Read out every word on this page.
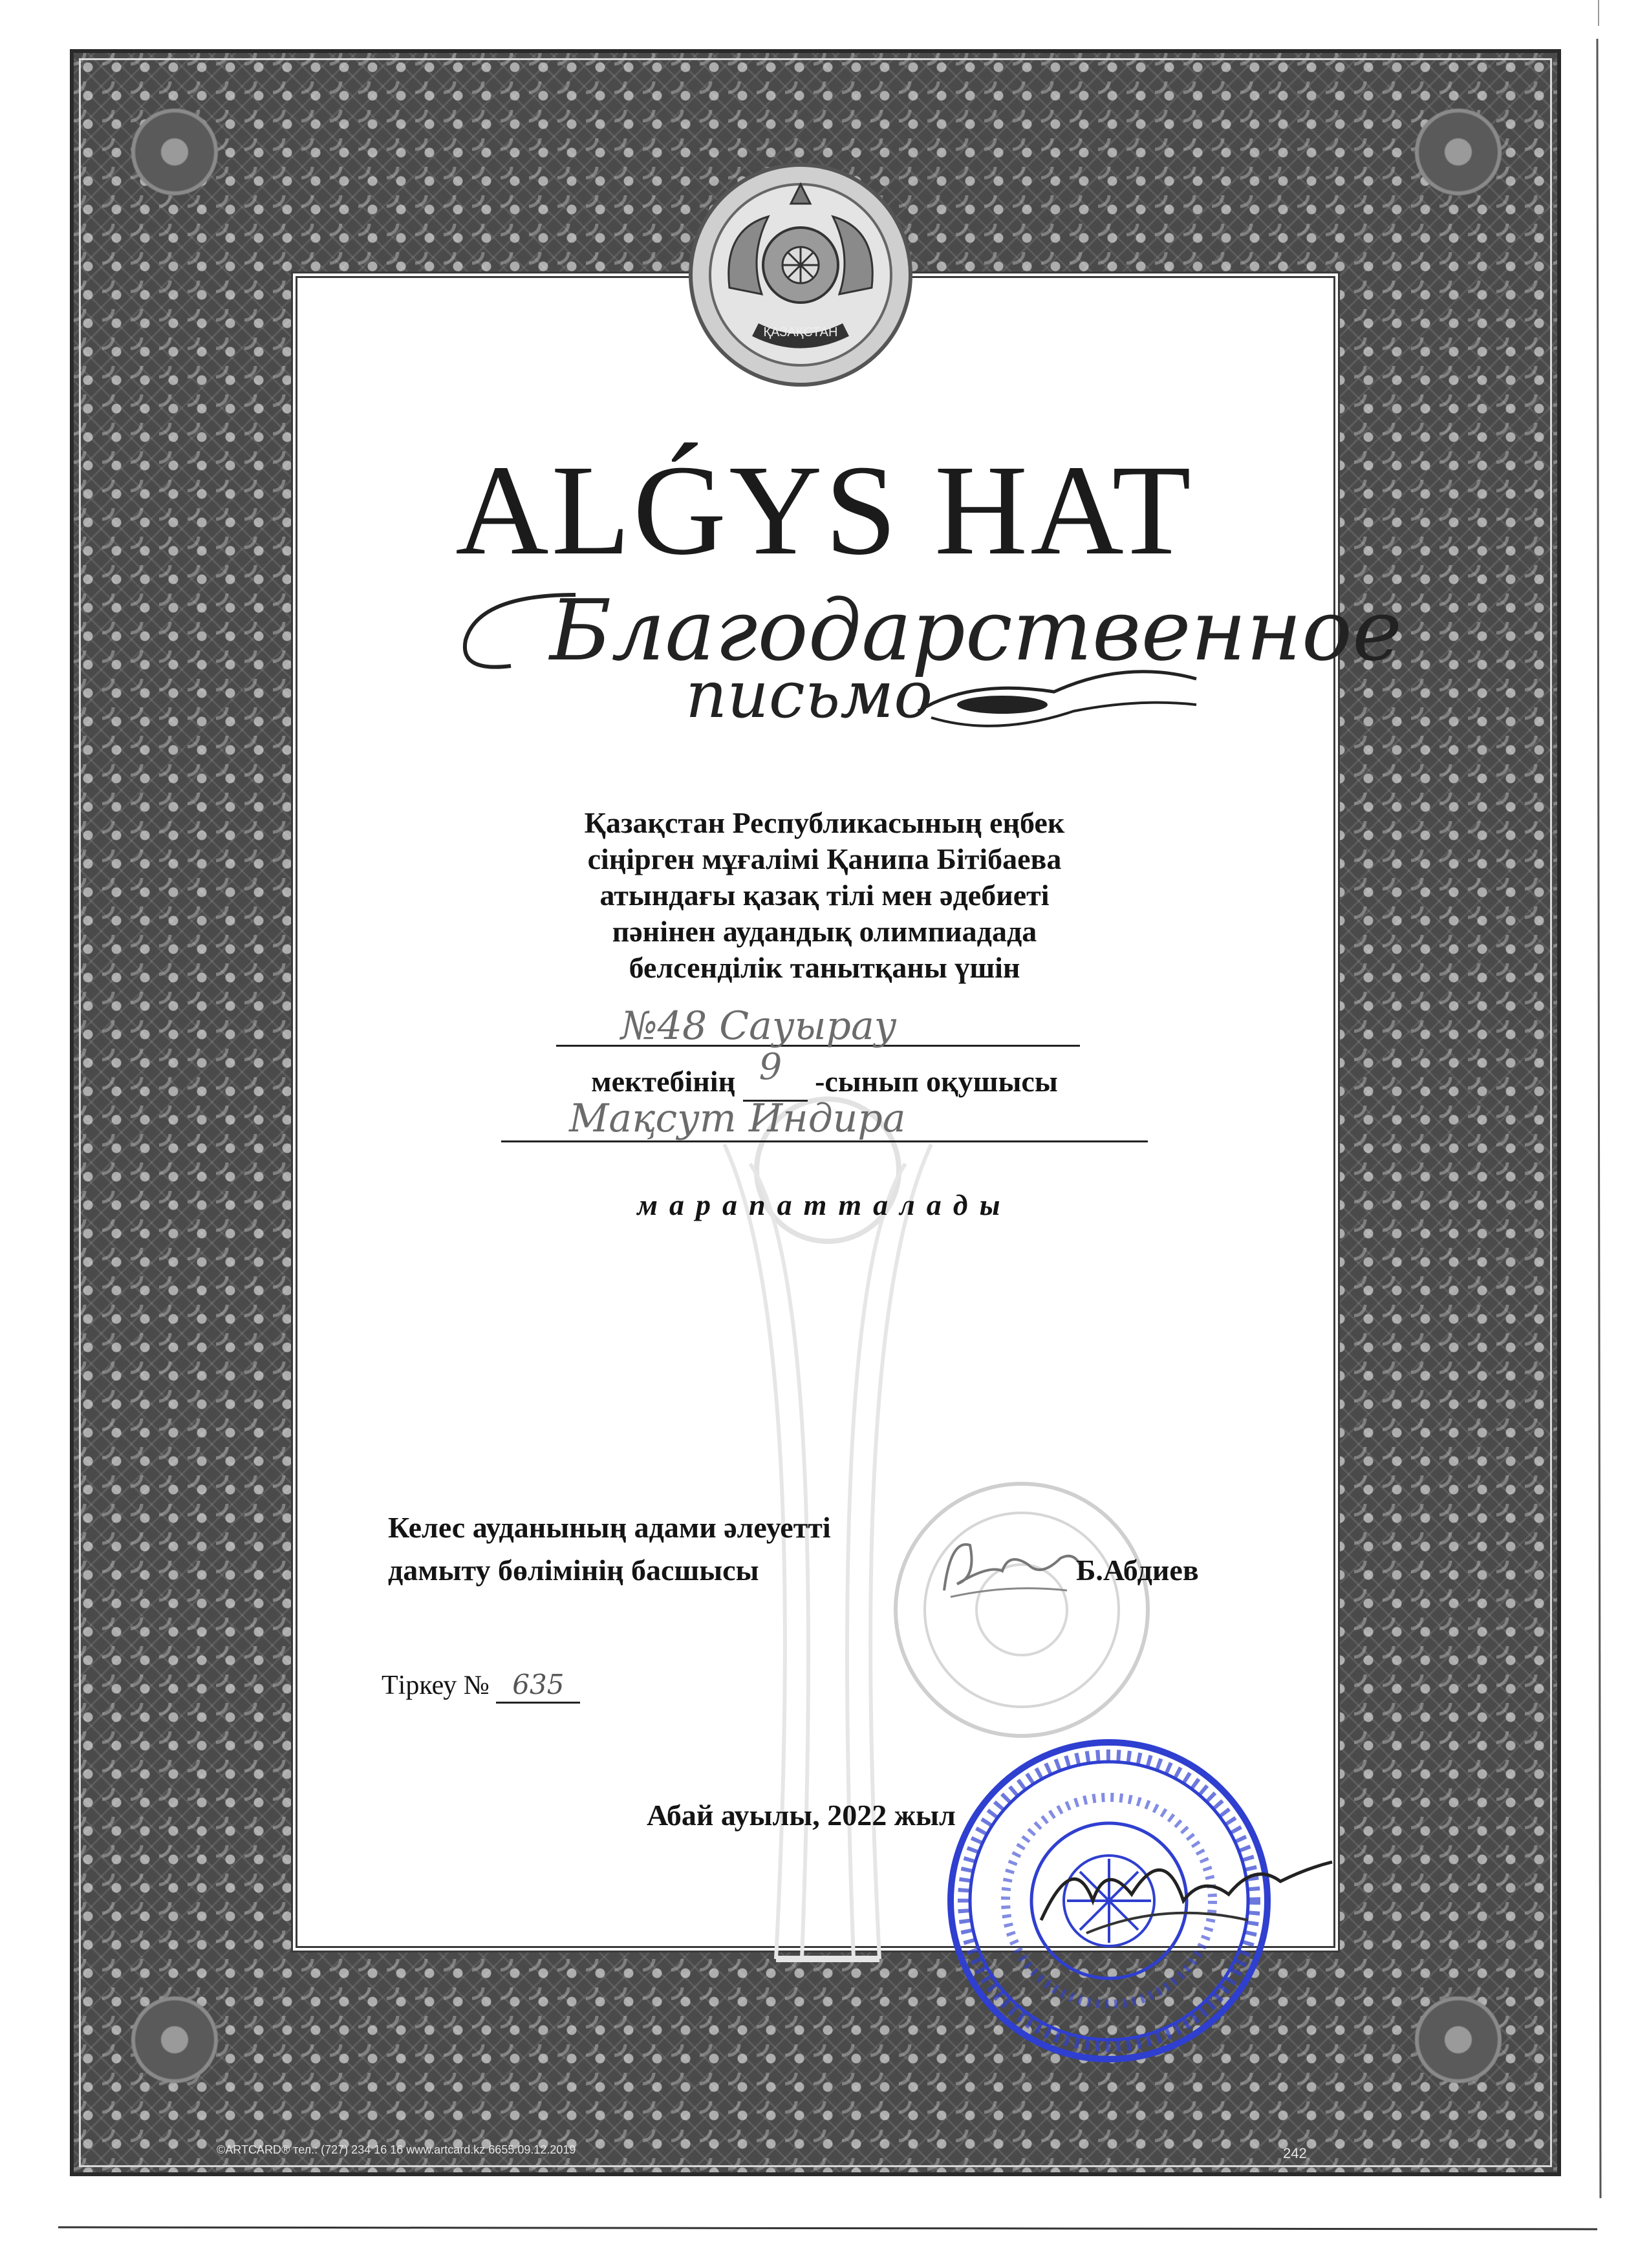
ҚАЗАҚСТАН
ALǴYS HAT
Благодарственное
письмо
Қазақстан Республикасының еңбек
сіңірген мұғалімі Қанипа Бітібаева
атындағы қазақ тілі мен әдебиеті
пәнінен аудандық олимпиадада
белсенділік танытқаны үшін
№48 Сауырау
мектебінің 9 -сынып оқушысы
Мақсут Индира
марапатталады
Келес ауданының адами әлеуетті
дамыту бөлімінің басшысы	Б.Абдиев
Тіркеу № 635
Абай ауылы, 2022 жыл
©ARTCARD® тел.: (727) 234 16 16 www.artcard.kz 6655.09.12.2019	242
